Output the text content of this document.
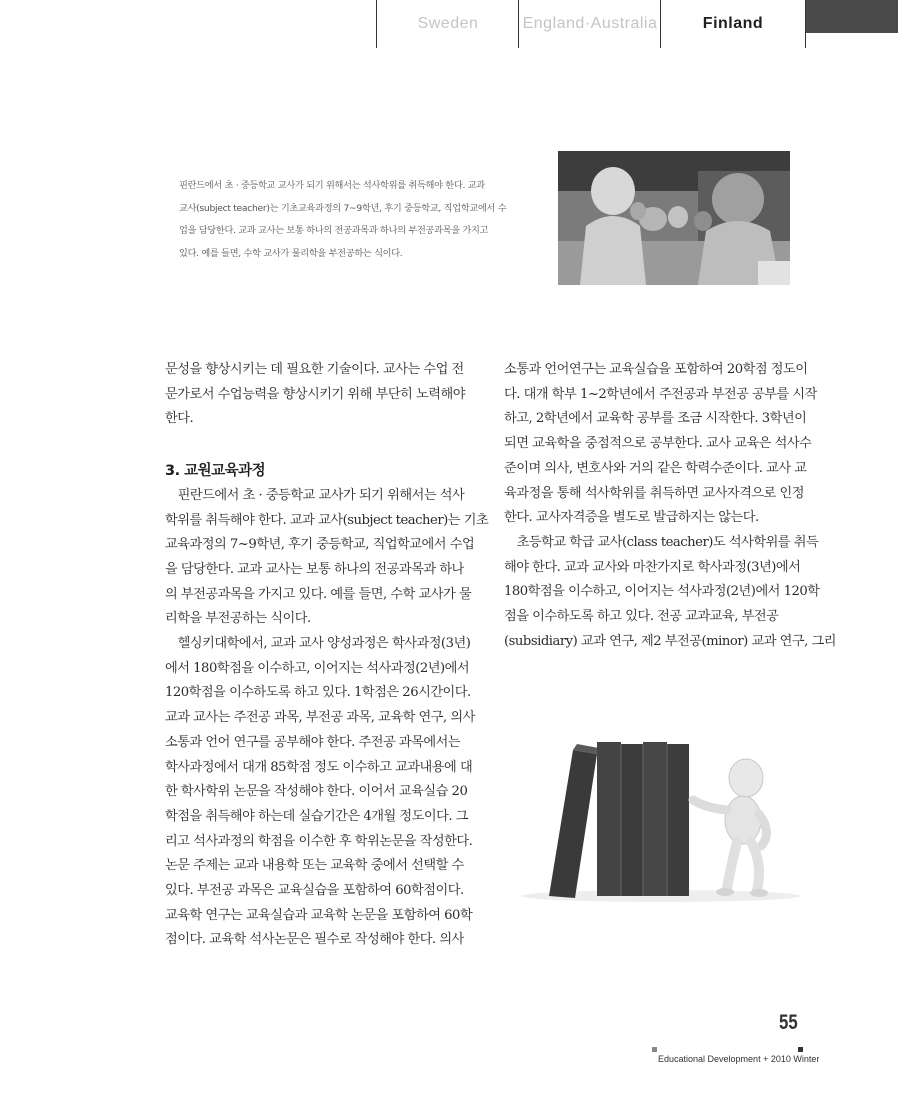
Sweden	England·Australia	Finland

핀란드에서 초 · 중등학교 교사가 되기 위해서는 석사학위를 취득해야 한다. 교과

교사(subject teacher)는 기초교육과정의 7~9학년, 후기 중등학교, 직업학교에서 수

업을 담당한다. 교과 교사는 보통 하나의 전공과목과 하나의 부전공과목을 가지고

있다. 예를 들면, 수학 교사가 물리학을 부전공하는 식이다.

문성을 향상시키는 데 필요한 기술이다. 교사는 수업 전

문가로서 수업능력을 향상시키기 위해 부단히 노력해야

한다.

3. 교원교육과정

　핀란드에서 초 · 중등학교 교사가 되기 위해서는 석사

학위를 취득해야 한다. 교과 교사(subject teacher)는 기초

교육과정의 7~9학년, 후기 중등학교, 직업학교에서 수업

을 담당한다. 교과 교사는 보통 하나의 전공과목과 하나

의 부전공과목을 가지고 있다. 예를 들면, 수학 교사가 물

리학을 부전공하는 식이다.

　헬싱키대학에서, 교과 교사 양성과정은 학사과정(3년)

에서 180학점을 이수하고, 이어지는 석사과정(2년)에서

120학점을 이수하도록 하고 있다. 1학점은 26시간이다.

교과 교사는 주전공 과목, 부전공 과목, 교육학 연구, 의사

소통과 언어 연구를 공부해야 한다. 주전공 과목에서는

학사과정에서 대개 85학점 정도 이수하고 교과내용에 대

한 학사학위 논문을 작성해야 한다. 이어서 교육실습 20

학점을 취득해야 하는데 실습기간은 4개월 정도이다. 그

리고 석사과정의 학점을 이수한 후 학위논문을 작성한다.

논문 주제는 교과 내용학 또는 교육학 중에서 선택할 수

있다. 부전공 과목은 교육실습을 포함하여 60학점이다.

교육학 연구는 교육실습과 교육학 논문을 포함하여 60학

점이다. 교육학 석사논문은 필수로 작성해야 한다. 의사

소통과 언어연구는 교육실습을 포함하여 20학점 정도이

다. 대개 학부 1~2학년에서 주전공과 부전공 공부를 시작

하고, 2학년에서 교육학 공부를 조금 시작한다. 3학년이

되면 교육학을 중점적으로 공부한다. 교사 교육은 석사수

준이며 의사, 변호사와 거의 같은 학력수준이다. 교사 교

육과정을 통해 석사학위를 취득하면 교사자격으로 인정

한다. 교사자격증을 별도로 발급하지는 않는다.

　초등학교 학급 교사(class teacher)도 석사학위를 취득

해야 한다. 교과 교사와 마찬가지로 학사과정(3년)에서

180학점을 이수하고, 이어지는 석사과정(2년)에서 120학

점을 이수하도록 하고 있다. 전공 교과교육, 부전공

(subsidiary) 교과 연구, 제2 부전공(minor) 교과 연구, 그리

55
Educational Development + 2010 Winter
